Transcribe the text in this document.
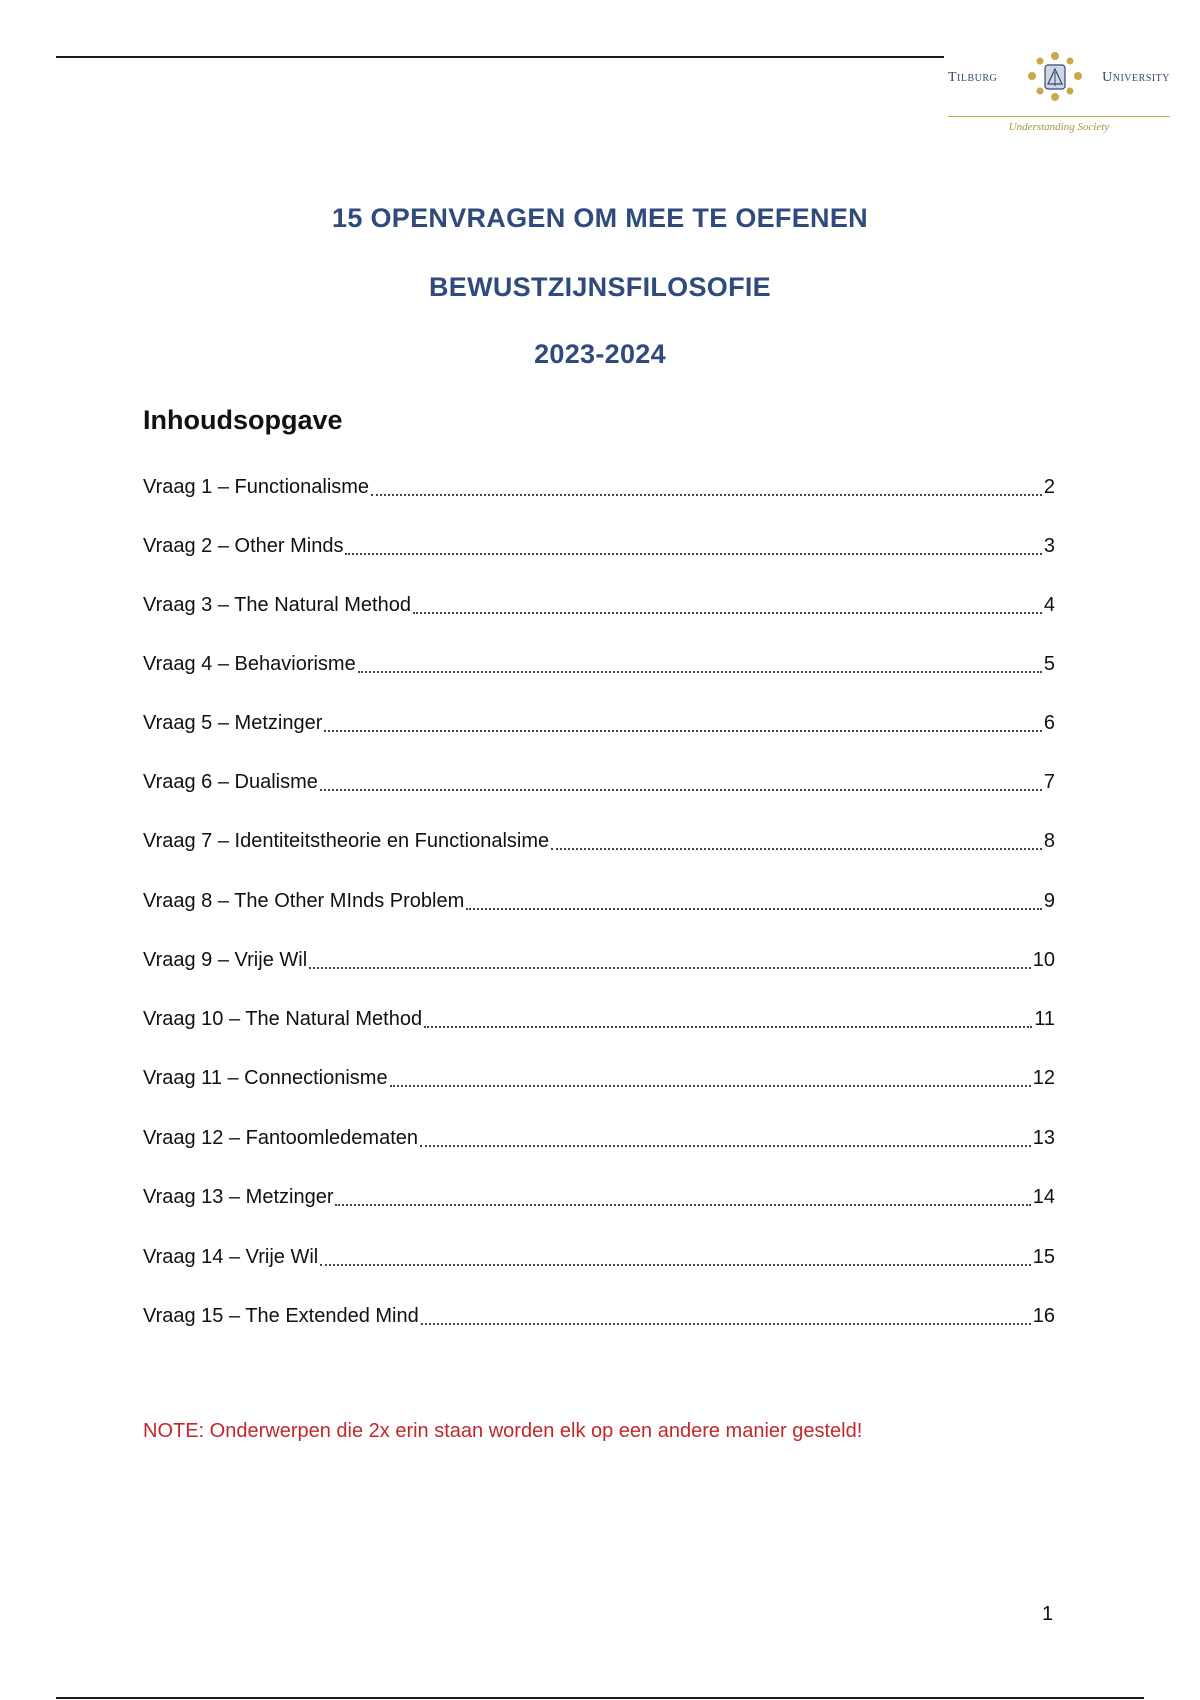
Tilburg	University
Understanding Society
15 OPENVRAGEN OM MEE TE OEFENEN
BEWUSTZIJNSFILOSOFIE
2023-2024
Inhoudsopgave
Vraag 1 – Functionalisme	2
Vraag 2 – Other Minds	3
Vraag 3 – The Natural Method	4
Vraag 4 – Behaviorisme	5
Vraag 5 – Metzinger	6
Vraag 6 – Dualisme	7
Vraag 7 – Identiteitstheorie en Functionalsime	8
Vraag 8 – The Other MInds Problem	9
Vraag 9 – Vrije Wil	10
Vraag 10 – The Natural Method	11
Vraag 11 – Connectionisme	12
Vraag 12 – Fantoomledematen	13
Vraag 13 – Metzinger	14
Vraag 14 – Vrije Wil	15
Vraag 15 – The Extended Mind	16
NOTE: Onderwerpen die 2x erin staan worden elk op een andere manier gesteld!
1
